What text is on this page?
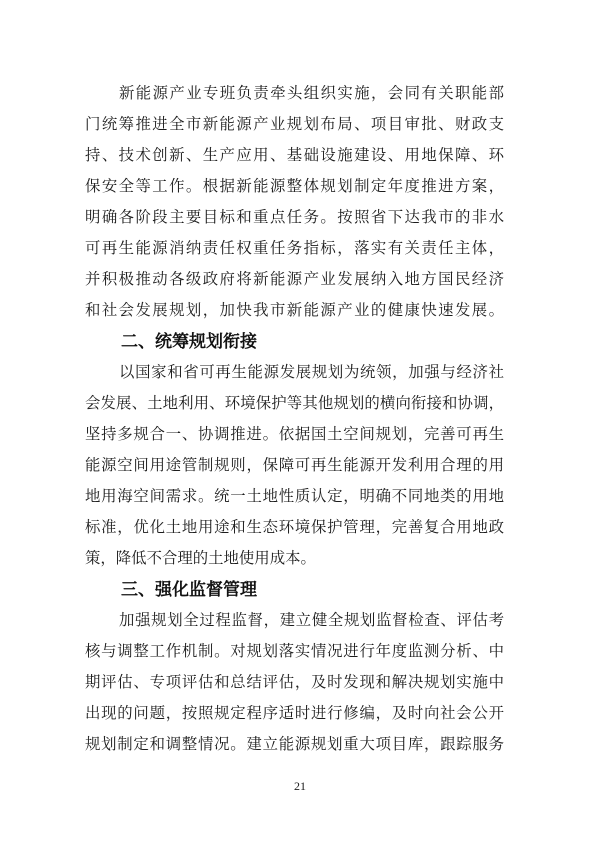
新能源产业专班负责牵头组织实施，会同有关职能部
门统筹推进全市新能源产业规划布局、项目审批、财政支
持、技术创新、生产应用、基础设施建设、用地保障、环
保安全等工作。根据新能源整体规划制定年度推进方案，
明确各阶段主要目标和重点任务。按照省下达我市的非水
可再生能源消纳责任权重任务指标，落实有关责任主体，
并积极推动各级政府将新能源产业发展纳入地方国民经济
和社会发展规划，加快我市新能源产业的健康快速发展。
二、统筹规划衔接
以国家和省可再生能源发展规划为统领，加强与经济社
会发展、土地利用、环境保护等其他规划的横向衔接和协调，
坚持多规合一、协调推进。依据国土空间规划，完善可再生
能源空间用途管制规则，保障可再生能源开发利用合理的用
地用海空间需求。统一土地性质认定，明确不同地类的用地
标准，优化土地用途和生态环境保护管理，完善复合用地政
策，降低不合理的土地使用成本。
三、强化监督管理
加强规划全过程监督，建立健全规划监督检查、评估考
核与调整工作机制。对规划落实情况进行年度监测分析、中
期评估、专项评估和总结评估，及时发现和解决规划实施中
出现的问题，按照规定程序适时进行修编，及时向社会公开
规划制定和调整情况。建立能源规划重大项目库，跟踪服务
21
